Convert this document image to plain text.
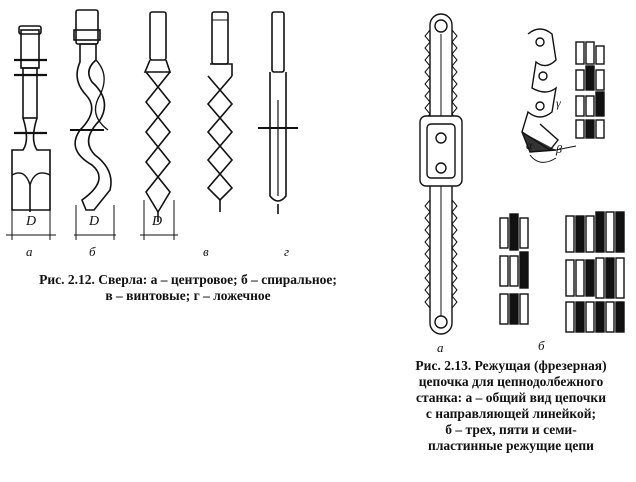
D	D	D
а	б	в	г
Рис. 2.12. Сверла: а – центровое; б – спиральное;
в – винтовые; г – ложечное
α β
γ
а	б
Рис. 2.13. Режущая (фрезерная)
цепочка для цепнодолбежного
станка: а – общий вид цепочки
с направляющей линейкой;
б – трех, пяти и семи-
пластинные режущие цепи
